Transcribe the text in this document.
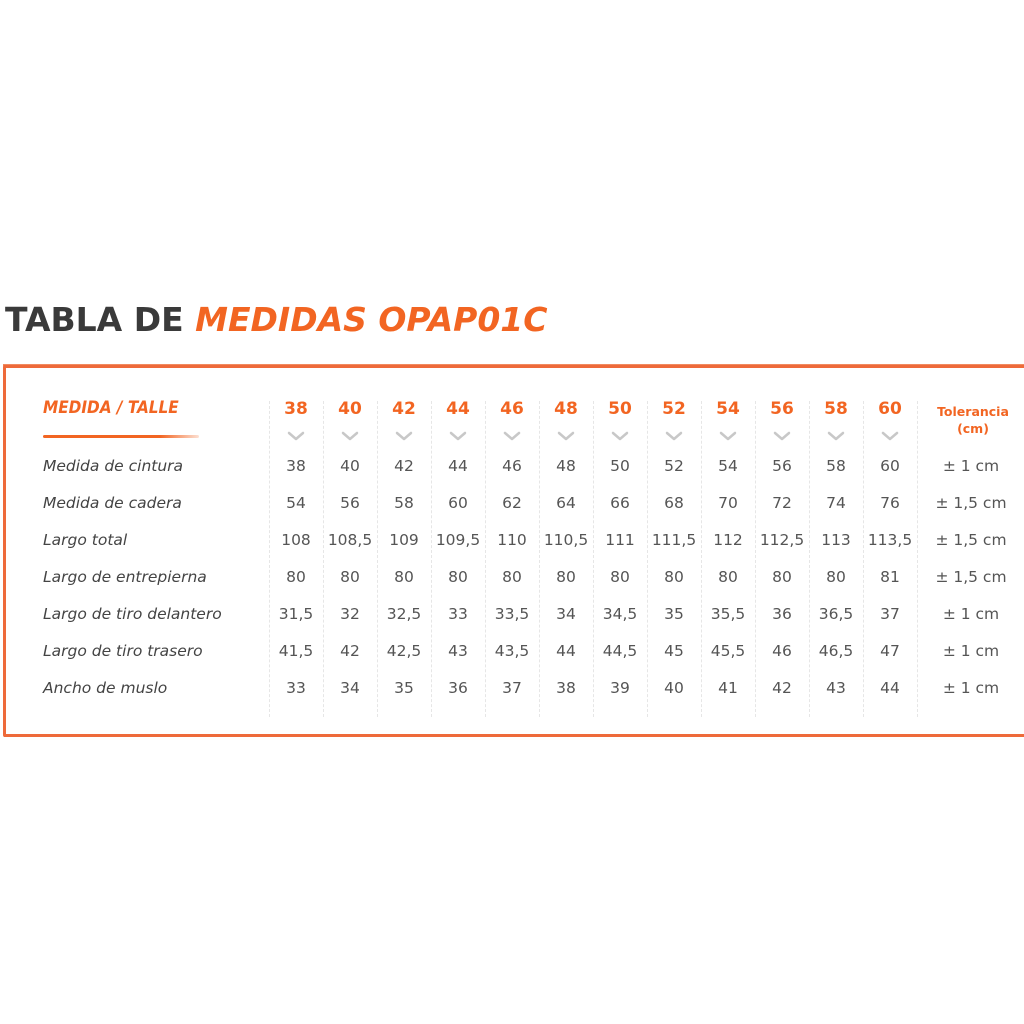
TABLA DE MEDIDAS OPAP01C
MEDIDA / TALLE	38	40	42	44	46	48	50	52	54	56	58	60	Tolerancia
(cm)
Medida de cintura	38	40	42	44	46	48	50	52	54	56	58	60	± 1 cm
Medida de cadera	54	56	58	60	62	64	66	68	70	72	74	76	± 1,5 cm
Largo total	108	108,5	109	109,5	110	110,5	111	111,5	112	112,5	113	113,5	± 1,5 cm
Largo de entrepierna	80	80	80	80	80	80	80	80	80	80	80	81	± 1,5 cm
Largo de tiro delantero	31,5	32	32,5	33	33,5	34	34,5	35	35,5	36	36,5	37	± 1 cm
Largo de tiro trasero	41,5	42	42,5	43	43,5	44	44,5	45	45,5	46	46,5	47	± 1 cm
Ancho de muslo	33	34	35	36	37	38	39	40	41	42	43	44	± 1 cm
